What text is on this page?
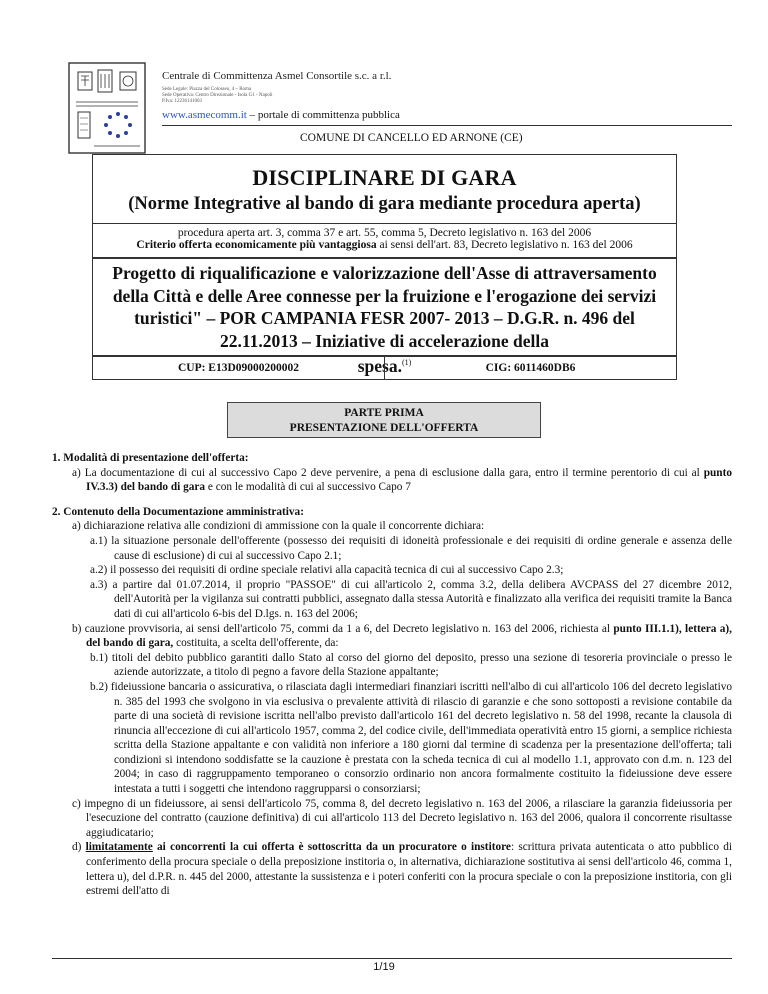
Centrale di Committenza Asmel Consortile s.c. a r.l.
Sede Legale: Piazza del Colosseo, 4 – Roma
Sede Operativa: Centro Direzionale - Isola G1 - Napoli
P.Iva: 12236141003
www.asmecomm.it – portale di committenza pubblica
COMUNE DI CANCELLO ED ARNONE (CE)
DISCIPLINARE DI GARA
(Norme Integrative al bando di gara mediante procedura aperta)
procedura aperta art. 3, comma 37 e art. 55, comma 5, Decreto legislativo n. 163 del 2006
Criterio offerta economicamente più vantaggiosa ai sensi dell'art. 83, Decreto legislativo n. 163 del 2006
Progetto di riqualificazione e valorizzazione dell'Asse di attraversamento della Città e delle Aree connesse per la fruizione e l'erogazione dei servizi turistici" – POR CAMPANIA FESR 2007- 2013 – D.G.R. n. 496 del 22.11.2013 – Iniziative di accelerazione della
spesa.$^{(1)}$
CUP: E13D09000200002	CIG: 6011460DB6
PARTE PRIMA
PRESENTAZIONE DELL'OFFERTA
1. Modalità di presentazione dell'offerta:
a) La documentazione di cui al successivo Capo 2 deve pervenire, a pena di esclusione dalla gara, entro il termine perentorio di cui al punto IV.3.3) del bando di gara e con le modalità di cui al successivo Capo 7
2. Contenuto della Documentazione amministrativa:
a) dichiarazione relativa alle condizioni di ammissione con la quale il concorrente dichiara:
a.1) la situazione personale dell'offerente (possesso dei requisiti di idoneità professionale e dei requisiti di ordine generale e assenza delle cause di esclusione) di cui al successivo Capo 2.1;
a.2) il possesso dei requisiti di ordine speciale relativi alla capacità tecnica di cui al successivo Capo 2.3;
a.3) a partire dal 01.07.2014, il proprio "PASSOE" di cui all'articolo 2, comma 3.2, della delibera AVCPASS del 27 dicembre 2012, dell'Autorità per la vigilanza sui contratti pubblici, assegnato dalla stessa Autorità e finalizzato alla verifica dei requisiti tramite la Banca dati di cui all'articolo 6-bis del D.lgs. n. 163 del 2006;
b) cauzione provvisoria, ai sensi dell'articolo 75, commi da 1 a 6, del Decreto legislativo n. 163 del 2006, richiesta al punto III.1.1), lettera a), del bando di gara, costituita, a scelta dell'offerente, da:
b.1) titoli del debito pubblico garantiti dallo Stato al corso del giorno del deposito, presso una sezione di tesoreria provinciale o presso le aziende autorizzate, a titolo di pegno a favore della Stazione appaltante;
b.2) fideiussione bancaria o assicurativa, o rilasciata dagli intermediari finanziari iscritti nell'albo di cui all'articolo 106 del decreto legislativo n. 385 del 1993 che svolgono in via esclusiva o prevalente attività di rilascio di garanzie e che sono sottoposti a revisione contabile da parte di una società di revisione iscritta nell'albo previsto dall'articolo 161 del decreto legislativo n. 58 del 1998, recante la clausola di rinuncia all'eccezione di cui all'articolo 1957, comma 2, del codice civile, dell'immediata operatività entro 15 giorni, a semplice richiesta scritta della Stazione appaltante e con validità non inferiore a 180 giorni dal termine di scadenza per la presentazione dell'offerta; tali condizioni si intendono soddisfatte se la cauzione è prestata con la scheda tecnica di cui al modello 1.1, approvato con d.m. n. 123 del 2004; in caso di raggruppamento temporaneo o consorzio ordinario non ancora formalmente costituito la fideiussione deve essere intestata a tutti i soggetti che intendono raggrupparsi o consorziarsi;
c) impegno di un fideiussore, ai sensi dell'articolo 75, comma 8, del decreto legislativo n. 163 del 2006, a rilasciare la garanzia fideiussoria per l'esecuzione del contratto (cauzione definitiva) di cui all'articolo 113 del Decreto legislativo n. 163 del 2006, qualora il concorrente risultasse aggiudicatario;
d) limitatamente ai concorrenti la cui offerta è sottoscritta da un procuratore o institore: scrittura privata autenticata o atto pubblico di conferimento della procura speciale o della preposizione institoria o, in alternativa, dichiarazione sostitutiva ai sensi dell'articolo 46, comma 1, lettera u), del d.P.R. n. 445 del 2000, attestante la sussistenza e i poteri conferiti con la procura speciale o con la preposizione institoria, con gli estremi dell'atto di
1/19
